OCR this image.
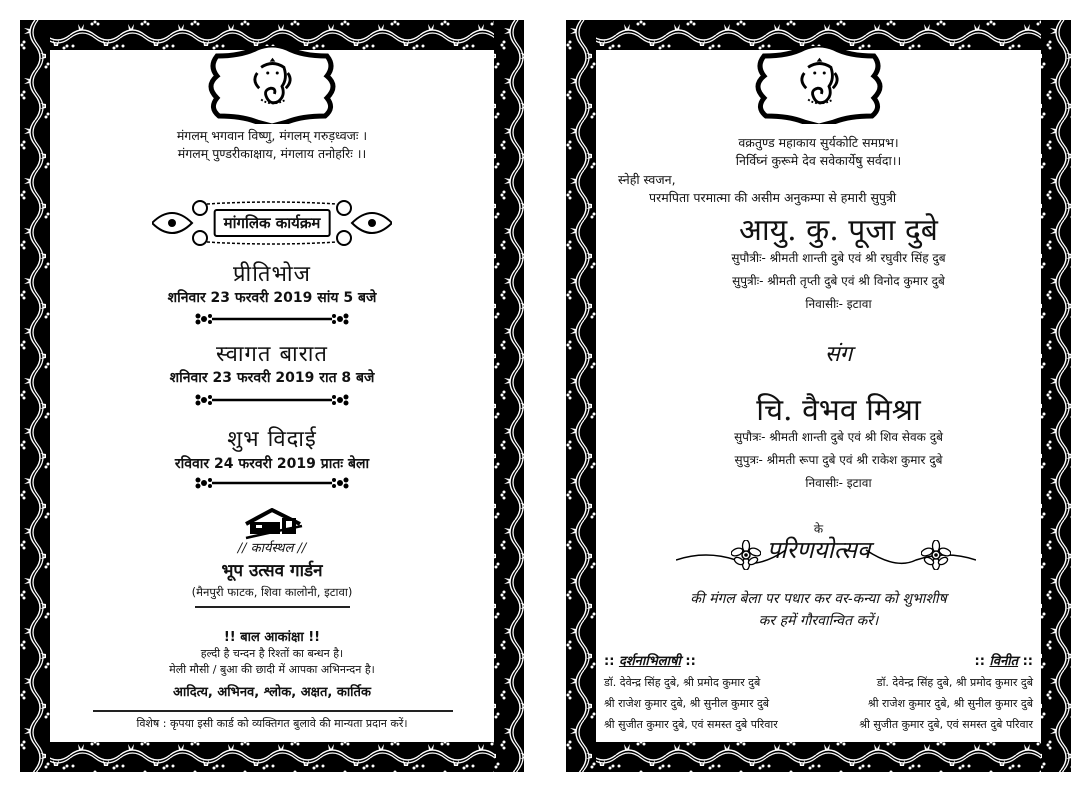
मंगलम् भगवान विष्णु, मंगलम् गरुड़ध्वजः ।
मंगलम् पुण्डरीकाक्षाय, मंगलाय तनोहरिः ।।
मांगलिक कार्यक्रम
प्रीतिभोज
शनिवार 23 फरवरी 2019 सांय 5 बजे
स्वागत बारात
शनिवार 23 फरवरी 2019 रात 8 बजे
शुभ विदाई
रविवार 24 फरवरी 2019 प्रातः बेला
// कार्यस्थल //
भूप उत्सव गार्डन
(मैनपुरी फाटक, शिवा कालोनी, इटावा)
!! बाल आकांक्षा !!
हल्दी है चन्दन है रिश्तों का बन्धन है।
मेली मौसी / बुआ की छादी में आपका अभिनन्दन है।
आदित्य, अभिनव, श्लोक, अक्षत, कार्तिक
विशेष : कृपया इसी कार्ड को व्यक्तिगत बुलावे की मान्यता प्रदान करें।
वक्रतुण्ड महाकाय सुर्यकोटि समप्रभ।
निर्विघ्नं कुरूमे देव सवेकार्येषु सर्वदा।।
स्नेही स्वजन,
परमपिता परमात्मा की असीम अनुकम्पा से हमारी सुपुत्री
आयु. कु. पूजा दुबे
सुपौत्रीः- श्रीमती शान्ती दुबे एवं श्री रघुवीर सिंह दुब
सुपुत्रीः- श्रीमती तृप्ती दुबे एवं श्री विनोद कुमार दुबे
निवासीः- इटावा
संग
चि. वैभव मिश्रा
सुपौत्रः- श्रीमती शान्ती दुबे एवं श्री शिव सेवक दुबे
सुपुत्रः- श्रीमती रूपा दुबे एवं श्री राकेश कुमार दुबे
निवासीः- इटावा
के
परिणयोत्सव
की मंगल बेला पर पधार कर वर-कन्या को शुभाशीष
कर हमें गौरवान्वित करें।
:: दर्शनाभिलाषी ::
डॉ. देवेन्द्र सिंह दुबे, श्री प्रमोद कुमार दुबे
श्री राजेश कुमार दुबे, श्री सुनील कुमार दुबे
श्री सुजीत कुमार दुबे, एवं समस्त दुबे परिवार
:: विनीत ::
डॉ. देवेन्द्र सिंह दुबे, श्री प्रमोद कुमार दुबे
श्री राजेश कुमार दुबे, श्री सुनील कुमार दुबे
श्री सुजीत कुमार दुबे, एवं समस्त दुबे परिवार
